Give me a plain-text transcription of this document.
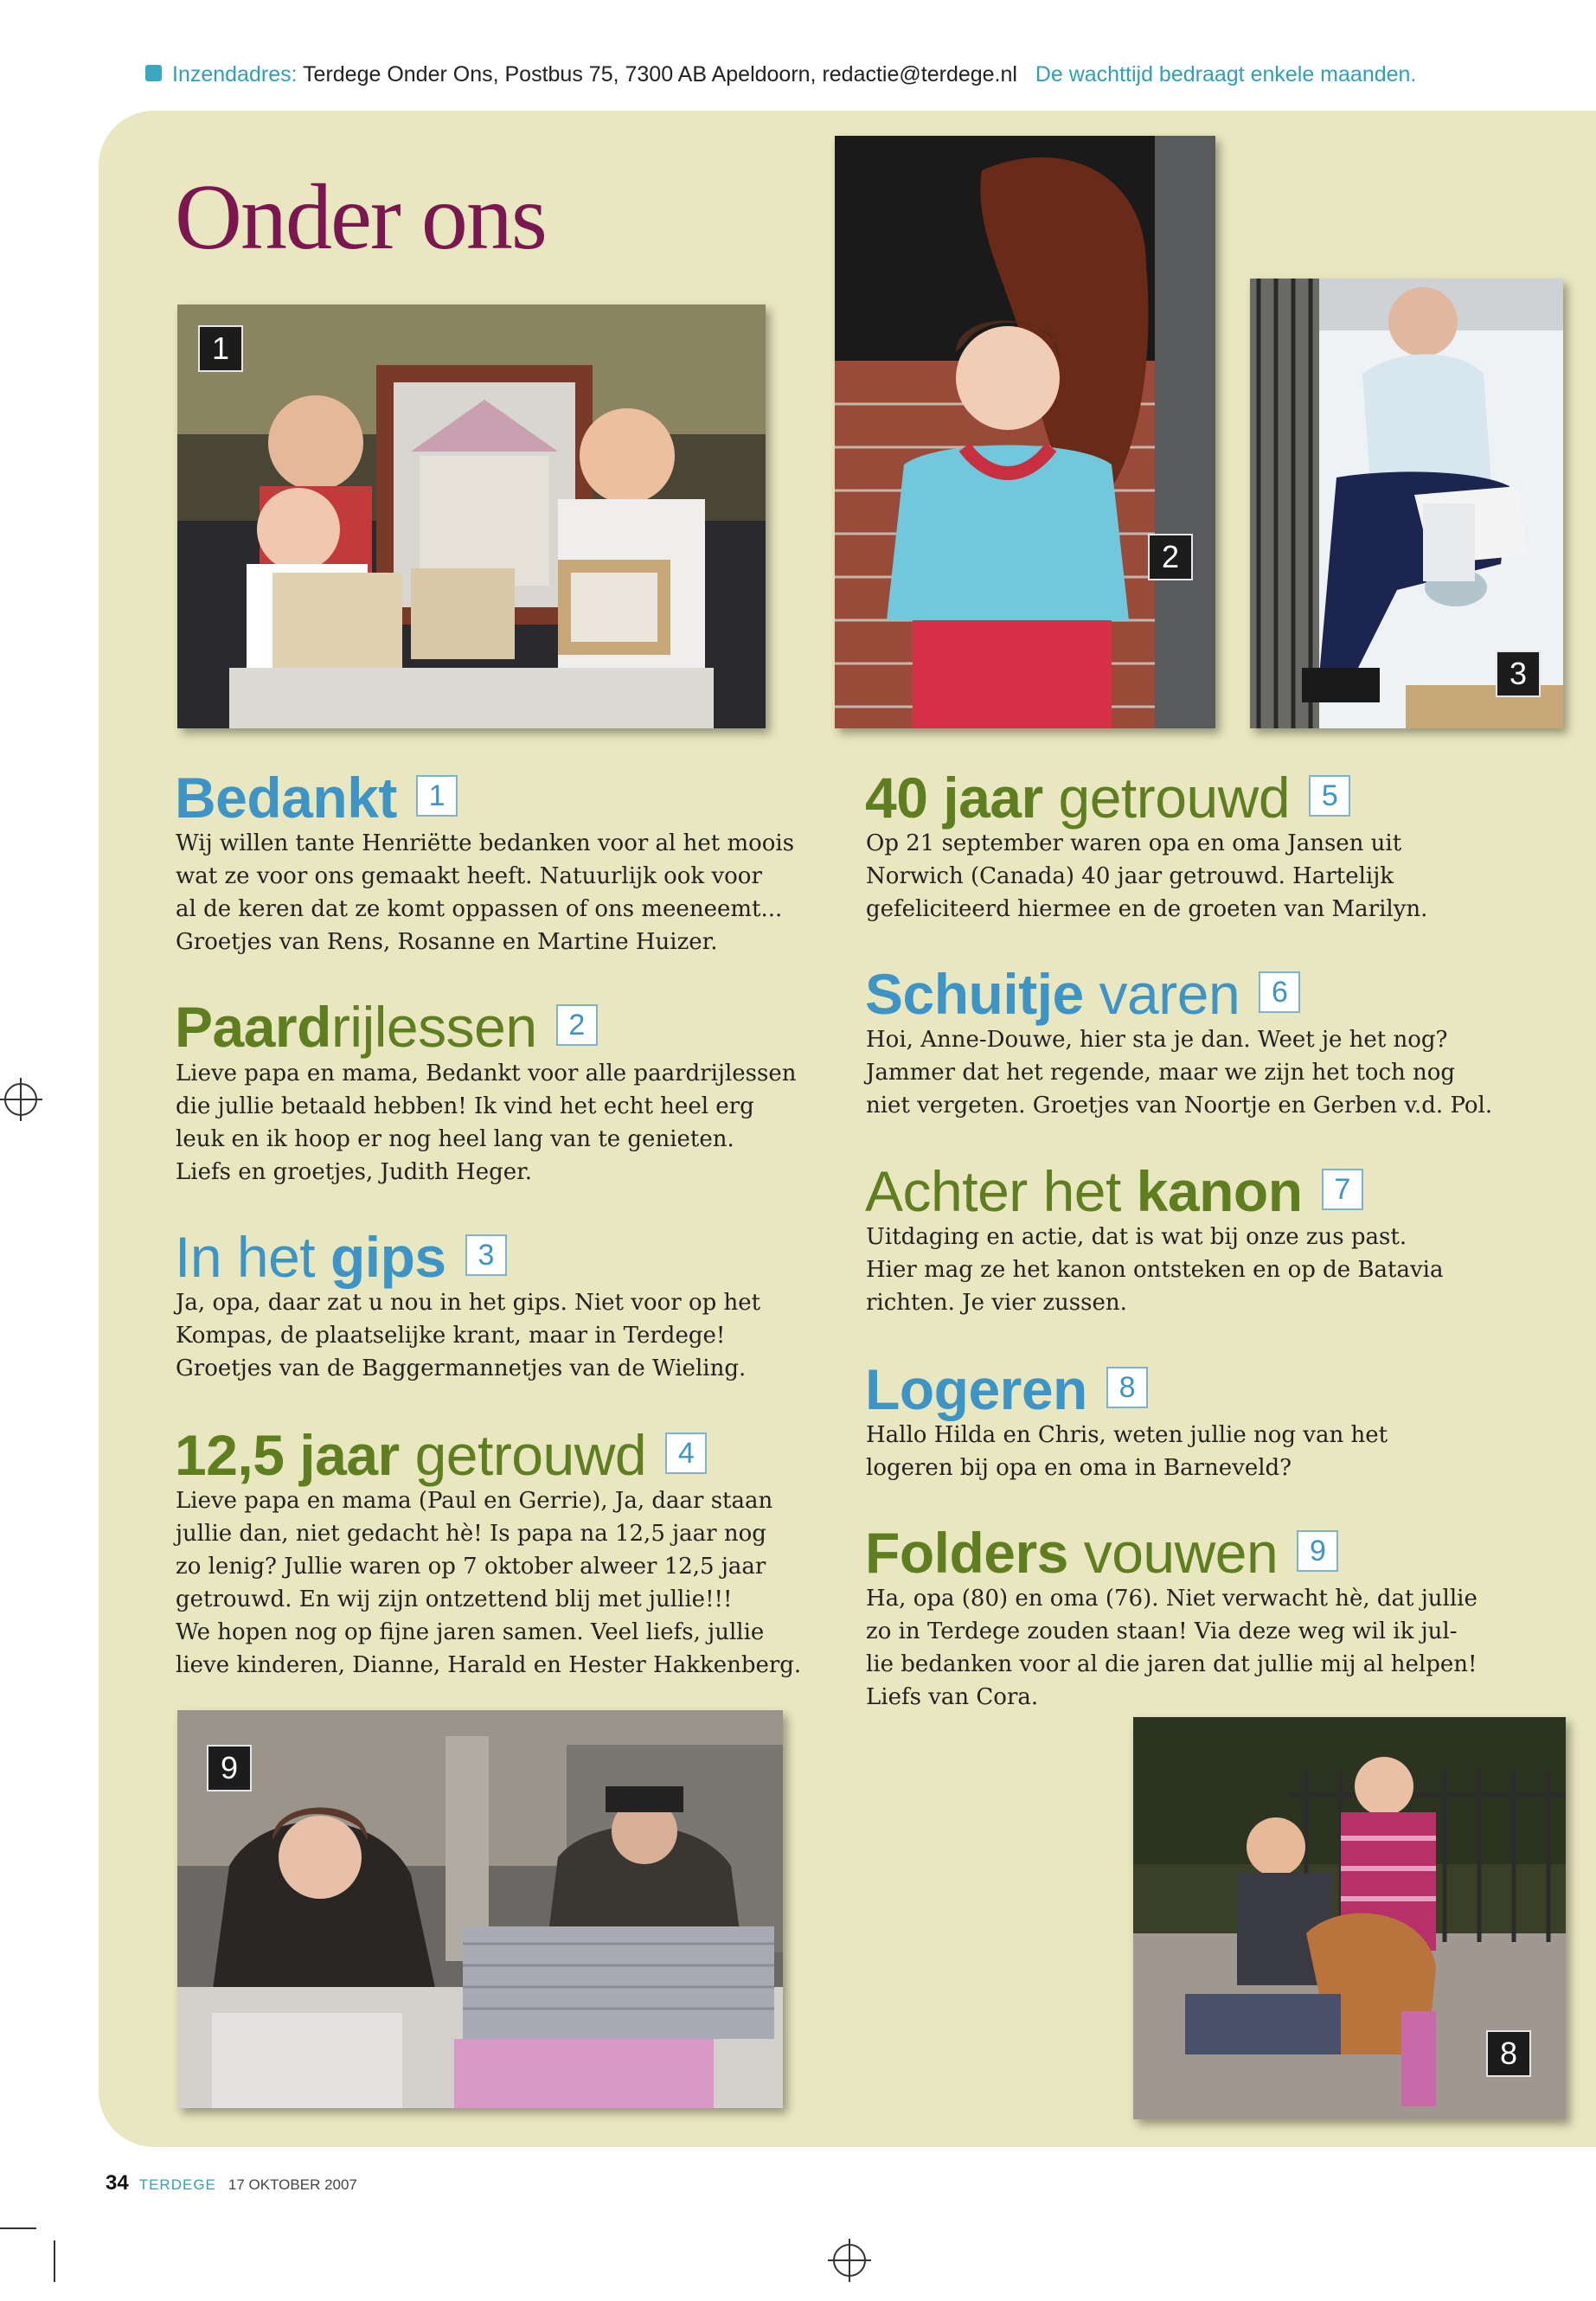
Inzendadres: Terdege Onder Ons, Postbus 75, 7300 AB Apeldoorn, redactie@terdege.nl De wachttijd bedraagt enkele maanden.
Onder ons
1
2
3
Bedankt 1

Wij willen tante Henriëtte bedanken voor al het moois

wat ze voor ons gemaakt heeft. Natuurlijk ook voor

al de keren dat ze komt oppassen of ons meeneemt...

Groetjes van Rens, Rosanne en Martine Huizer.

Paardrijlessen 2

Lieve papa en mama, Bedankt voor alle paardrijlessen

die jullie betaald hebben! Ik vind het echt heel erg

leuk en ik hoop er nog heel lang van te genieten.

Liefs en groetjes, Judith Heger.

In het gips 3

Ja, opa, daar zat u nou in het gips. Niet voor op het

Kompas, de plaatselijke krant, maar in Terdege!

Groetjes van de Baggermannetjes van de Wieling.

12,5 jaar getrouwd 4

Lieve papa en mama (Paul en Gerrie), Ja, daar staan

jullie dan, niet gedacht hè! Is papa na 12,5 jaar nog

zo lenig? Jullie waren op 7 oktober alweer 12,5 jaar

getrouwd. En wij zijn ontzettend blij met jullie!!!

We hopen nog op fijne jaren samen. Veel liefs, jullie

lieve kinderen, Dianne, Harald en Hester Hakkenberg.

40 jaar getrouwd 5

Op 21 september waren opa en oma Jansen uit

Norwich (Canada) 40 jaar getrouwd. Hartelijk

gefeliciteerd hiermee en de groeten van Marilyn.

Schuitje varen 6

Hoi, Anne-Douwe, hier sta je dan. Weet je het nog?

Jammer dat het regende, maar we zijn het toch nog

niet vergeten. Groetjes van Noortje en Gerben v.d. Pol.

Achter het kanon 7

Uitdaging en actie, dat is wat bij onze zus past.

Hier mag ze het kanon ontsteken en op de Batavia

richten. Je vier zussen.

Logeren 8

Hallo Hilda en Chris, weten jullie nog van het

logeren bij opa en oma in Barneveld?

Folders vouwen 9

Ha, opa (80) en oma (76). Niet verwacht hè, dat jullie

zo in Terdege zouden staan! Via deze weg wil ik jul-

lie bedanken voor al die jaren dat jullie mij al helpen!

Liefs van Cora.

9
8
34 TERDEGE 17 OKTOBER 2007
